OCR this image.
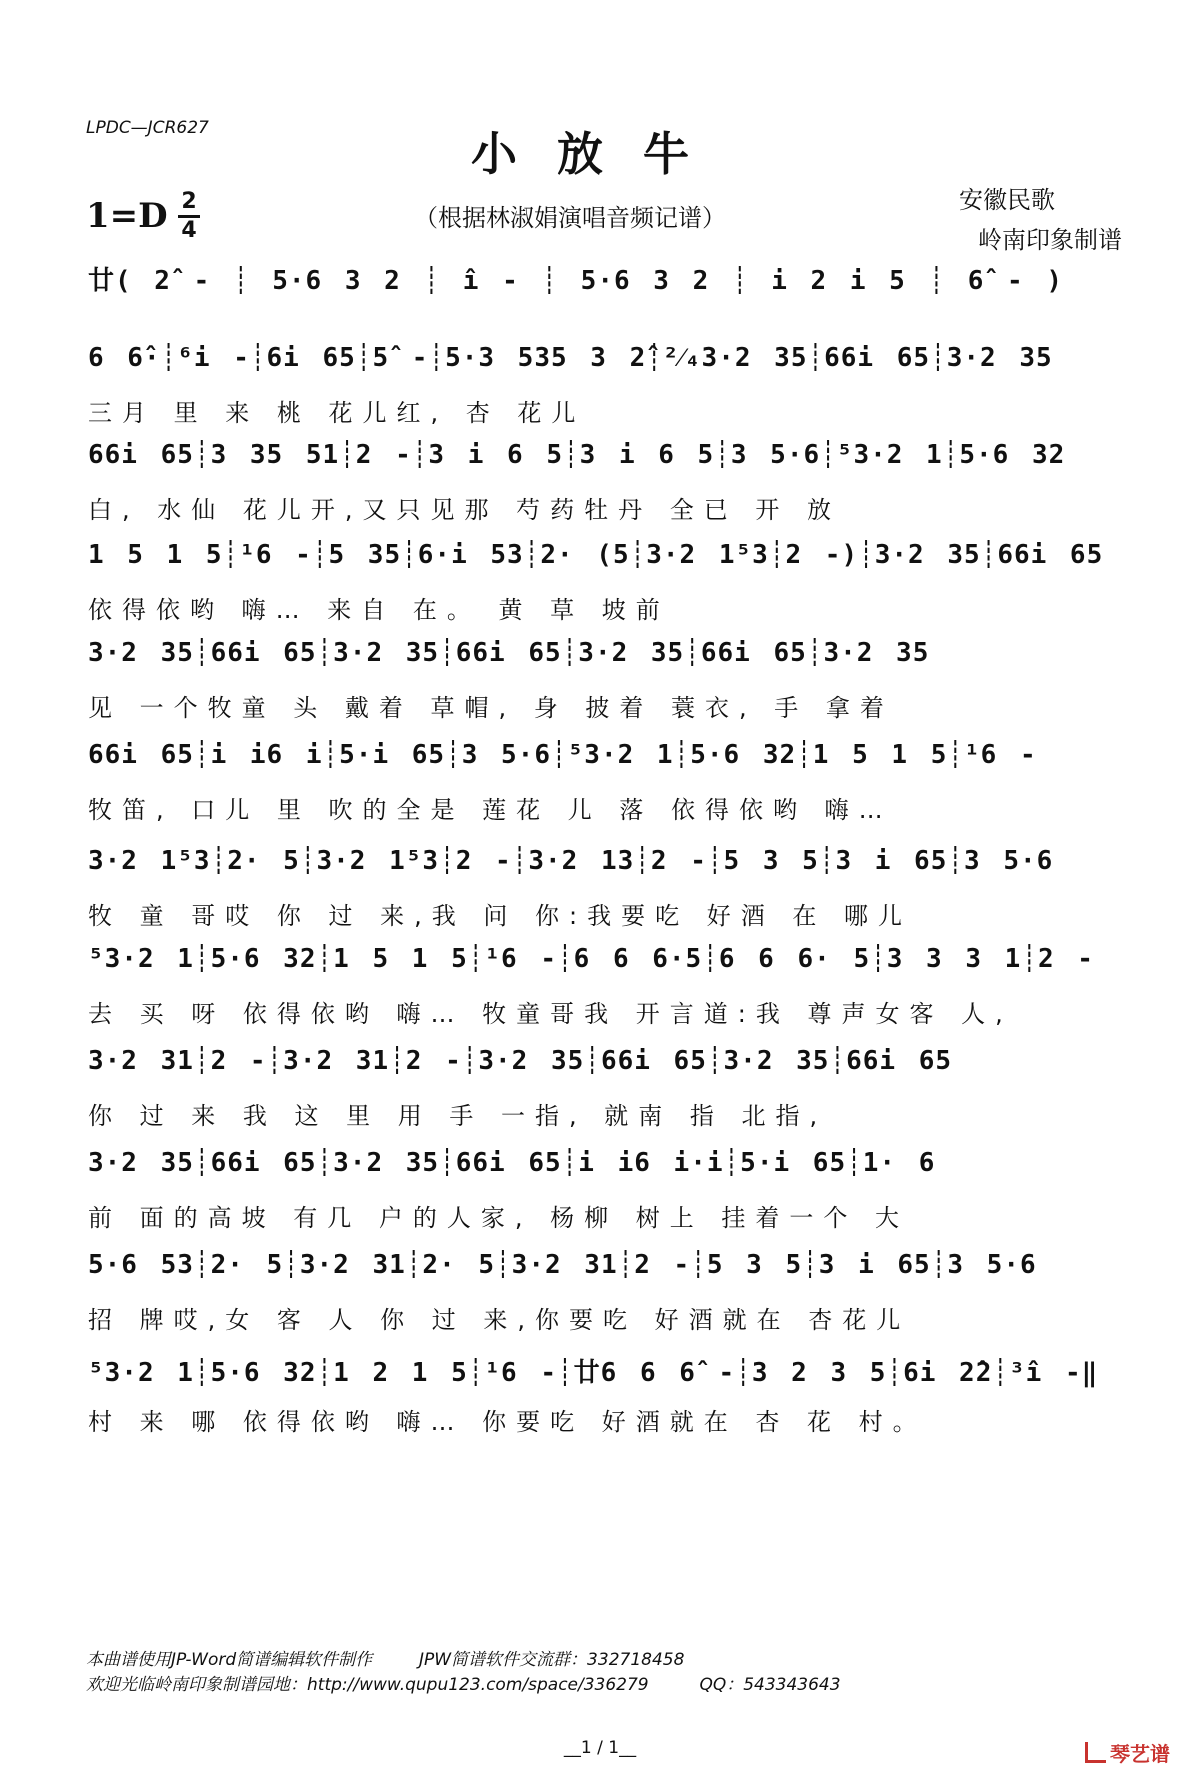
LPDC—JCR627	小放牛
1=D 2
4	（根据林淑娟演唱音频记谱）
安徽民歌
岭南印象制谱
廿( 2̂ - ┊ 5·6 3 2 ┊ î - ┊ 5·6 3 2 ┊ i 2 i 5 ┊ 6̂ - )
6 6̂·┊⁶i -┊6i 65┊5̂ -┊5·3 535 3 2̂┊²⁄₄3·2 35┊66i 65┊3·2 35
三月 里 来 桃 花儿红, 杏 花儿
66i 65┊3 35 51┊2 -┊3 i 6 5┊3 i 6 5┊3 5·6┊⁵3·2 1┊5·6 32
白, 水仙 花儿开,又只见那 芍药牡丹 全已 开 放
1 5 1 5┊¹6 -┊5 35┊6·i 53┊2· (5┊3·2 1⁵3┊2 -)┊3·2 35┊66i 65
依得依哟 嗨… 来自 在。 黄 草 坡前
3·2 35┊66i 65┊3·2 35┊66i 65┊3·2 35┊66i 65┊3·2 35
见 一个牧童 头 戴着 草帽, 身 披着 蓑衣, 手 拿着
66i 65┊i i6 i┊5·i 65┊3 5·6┊⁵3·2 1┊5·6 32┊1 5 1 5┊¹6 -
牧笛, 口儿 里 吹的全是 莲花 儿 落 依得依哟 嗨…
3·2 1⁵3┊2· 5┊3·2 1⁵3┊2 -┊3·2 13┊2 -┊5 3 5┊3 i 65┊3 5·6
牧 童 哥哎 你 过 来,我 问 你:我要吃 好酒 在 哪儿
⁵3·2 1┊5·6 32┊1 5 1 5┊¹6 -┊6 6 6·5┊6 6 6· 5┊3 3 3 1┊2 -
去 买 呀 依得依哟 嗨… 牧童哥我 开言道:我 尊声女客 人,
3·2 31┊2 -┊3·2 31┊2 -┊3·2 35┊66i 65┊3·2 35┊66i 65
你 过 来 我 这 里 用 手 一指, 就南 指 北指,
3·2 35┊66i 65┊3·2 35┊66i 65┊i i6 i·i┊5·i 65┊1· 6
前 面的高坡 有几 户的人家, 杨柳 树上 挂着一个 大
5·6 53┊2· 5┊3·2 31┊2· 5┊3·2 31┊2 -┊5 3 5┊3 i 65┊3 5·6
招 牌哎,女 客 人 你 过 来,你要吃 好酒就在 杏花儿
⁵3·2 1┊5·6 32┊1 2 1 5┊¹6 -┊廿6 6 6̂ -┊3 2 3 5┊6i 2̂2┊³î -‖
村 来 哪 依得依哟 嗨… 你要吃 好酒就在 杏 花 村。
本曲谱使用JP-Word简谱编辑软件制作	JPW简谱软件交流群：332718458
欢迎光临岭南印象制谱园地：http://www.qupu123.com/space/336279	QQ：543343643
__1 / 1__	琴艺谱
